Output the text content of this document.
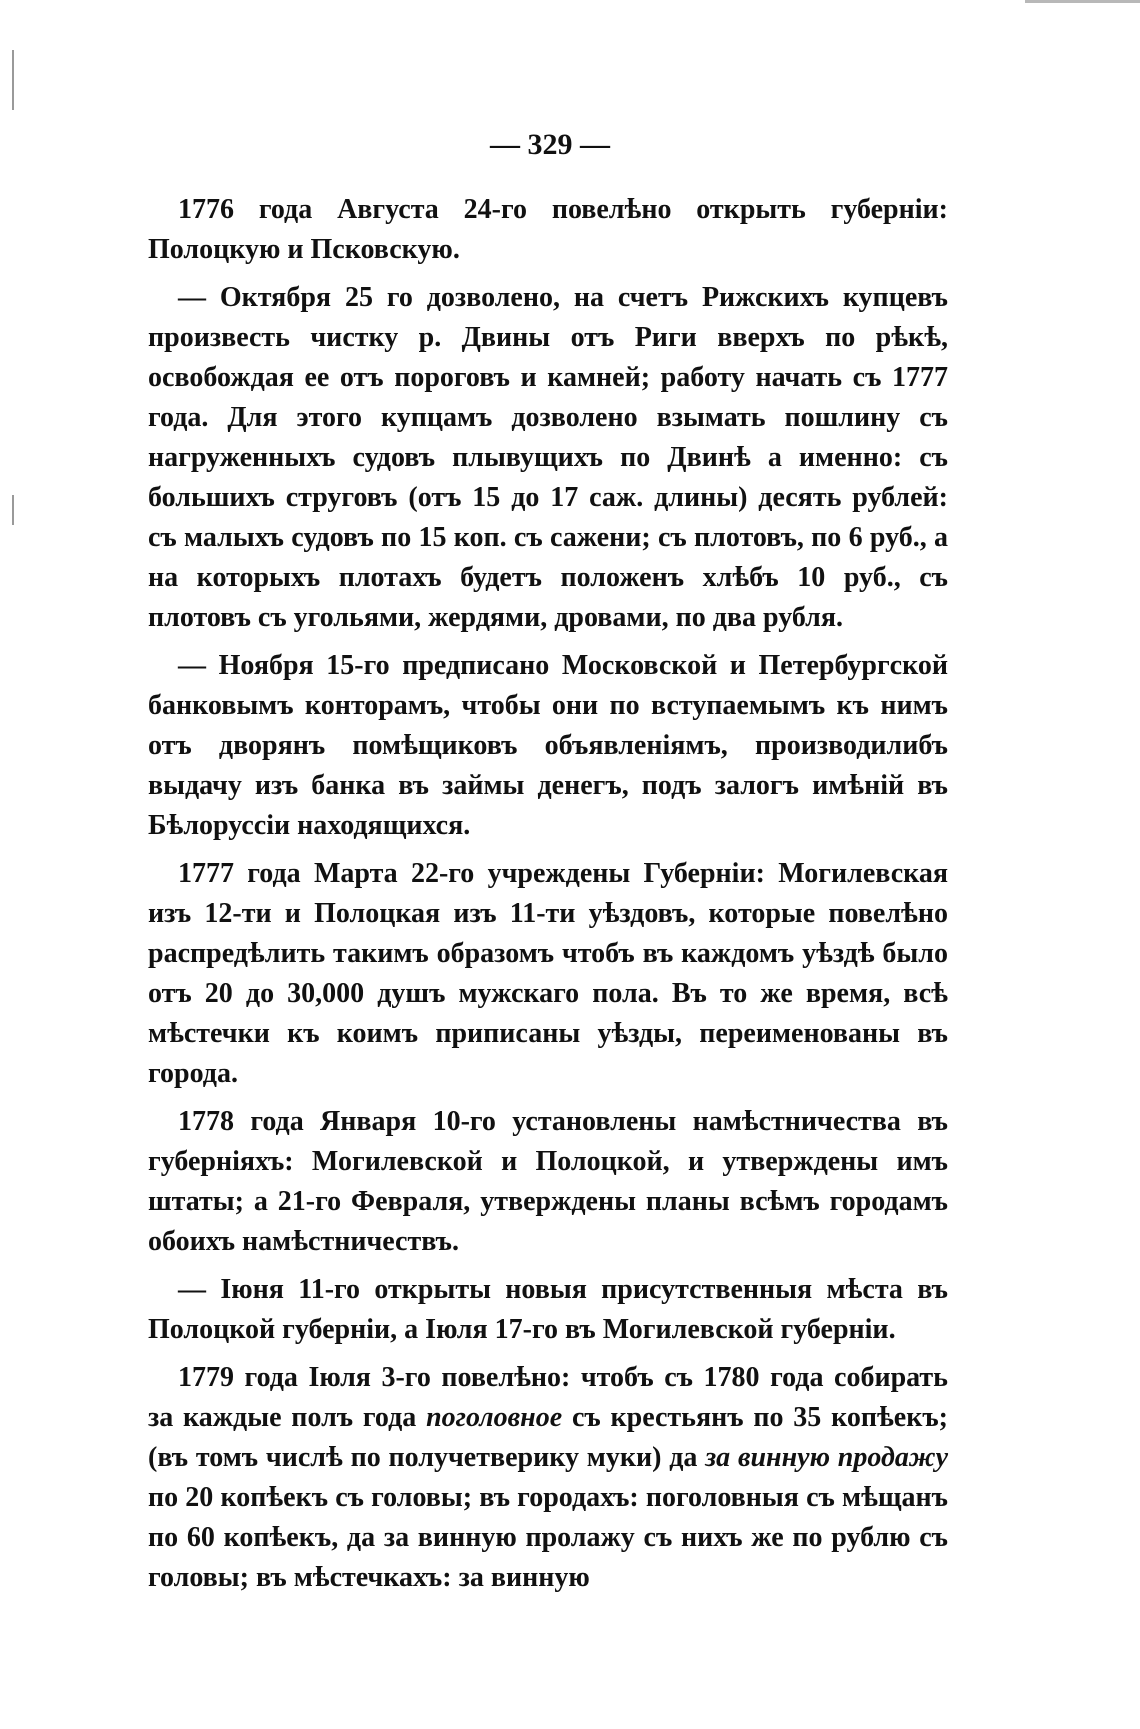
— 329 —

1776 года Августа 24-го повелѣно открыть губерніи: Полоцкую и Псковскую.

— Октября 25 го дозволено, на счетъ Рижскихъ купцевъ произвесть чистку р. Двины отъ Риги вверхъ по рѣкѣ, освобождая ее отъ пороговъ и камней; работу начать съ 1777 года. Для этого купцамъ дозволено взымать пошлину съ нагруженныхъ судовъ плывущихъ по Двинѣ а именно: съ большихъ струговъ (отъ 15 до 17 саж. длины) десять рублей: съ малыхъ судовъ по 15 коп. съ сажени; съ плотовъ, по 6 руб., а на которыхъ плотахъ будетъ положенъ хлѣбъ 10 руб., съ плотовъ съ угольями, жердями, дровами, по два рубля.

— Ноября 15-го предписано Московской и Петербургской банковымъ конторамъ, чтобы они по вступаемымъ къ нимъ отъ дворянъ помѣщиковъ объявленіямъ, производилибъ выдачу изъ банка въ займы денегъ, подъ залогъ имѣній въ Бѣлоруссіи находящихся.

1777 года Марта 22-го учреждены Губерніи: Могилевская изъ 12-ти и Полоцкая изъ 11-ти уѣздовъ, которые повелѣно распредѣлить такимъ образомъ чтобъ въ каждомъ уѣздѣ было отъ 20 до 30,000 душъ мужскаго пола. Въ то же время, всѣ мѣстечки къ коимъ приписаны уѣзды, переименованы въ города.

1778 года Января 10-го установлены намѣстничества въ губерніяхъ: Могилевской и Полоцкой, и утверждены имъ штаты; а 21-го Февраля, утверждены планы всѣмъ городамъ обоихъ намѣстничествъ.

— Іюня 11-го открыты новыя присутственныя мѣста въ Полоцкой губерніи, а Іюля 17-го въ Могилевской губерніи.

1779 года Іюля 3-го повелѣно: чтобъ съ 1780 года собирать за каждые полъ года поголовное съ крестьянъ по 35 копѣекъ; (въ томъ числѣ по получетверику муки) да за винную продажу по 20 копѣекъ съ головы; въ городахъ: поголовныя съ мѣщанъ по 60 копѣекъ, да за винную пролажу съ нихъ же по рублю съ головы; въ мѣстечкахъ: за винную
